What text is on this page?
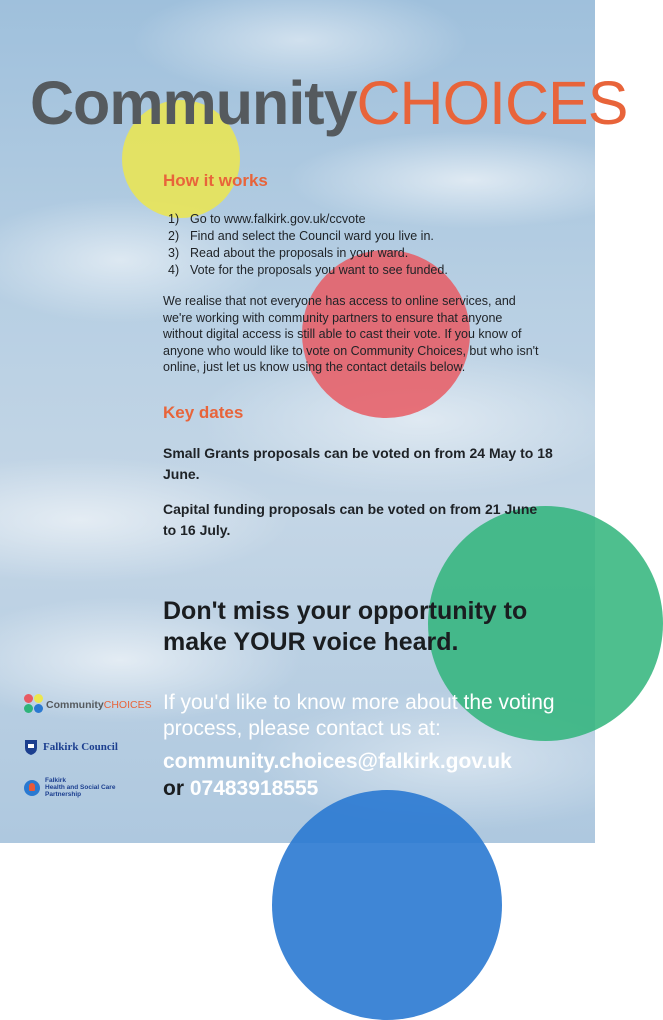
CommunityCHOICES
How it works
1) Go to www.falkirk.gov.uk/ccvote
2) Find and select the Council ward you live in.
3) Read about the proposals in your ward.
4) Vote for the proposals you want to see funded.
We realise that not everyone has access to online services, and we're working with community partners to ensure that anyone without digital access is still able to cast their vote. If you know of anyone who would like to vote on Community Choices, but who isn't online, just let us know using the contact details below.
Key dates
Small Grants proposals can be voted on from 24 May to 18 June.
Capital funding proposals can be voted on from 21 June to 16 July.
Don't miss your opportunity to make YOUR voice heard.
If you'd like to know more about the voting process, please contact us at:
community.choices@falkirk.gov.uk
or 07483918555
Community CHOICES
Falkirk Council
Falkirk
Health and Social Care
Partnership
